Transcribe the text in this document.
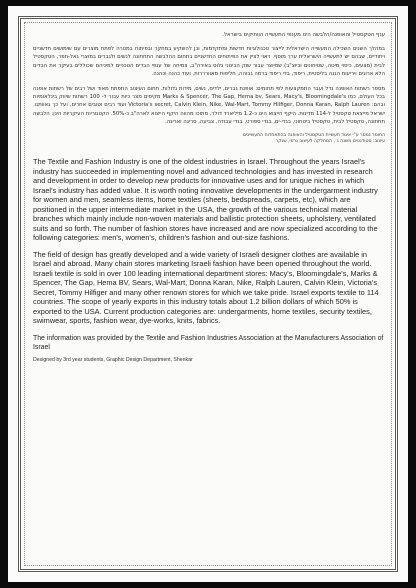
ענף הטקסטיל והאופנה/הלבשה הינו מענפי התעשייה הוותיקים בישראל.

במהלך השנים השכילה התעשייה הישראלית לייצור טכנולוגיות חדשות ומתקדמות, וכן להשקיע במחקר ובפיתוח במטרה לפתח מוצרים עם שימושים חדשניים ויחודיים, שבהם יש לתעשייה הישראלית ערך מוסף. ראוי לציין את הפיתוחים החדשניים בתחום ההלבשה התחתונה לנשים ולגברים במוצרי גאל-תפר, הטקסטיל לבית (מצעים, כיסוי מיטה, שטיחונים וכיוצ"ב) שמיוצר עבור שוק הבינוני גלוס באירה"ב, צמיחה של ענפי הבדים הטכניים למיניהם שכוללים בעיקר את הבדים הלא ארוגים ויריעות הגנה בליסטית, ריפוד, בדי ריפוד ברמה גבוהה, חליפות מאוורררות, ועוד כהנה וכהנה.

מספר רשתות האופנה גדל ועבר התמקצעות לפי תחומים: אופנת גברים, ילדים, נשים, מידות גדולות. תחום העיצוב התפתח מאוד ושל רבים של רשתות אופנה בכל העולם, כמו Marks & Spencer, The Gap, Hema bv, Sears, Macy's, Bloomingdale's מקיסים מצר כיות עבור ל- 100 רשתות שיווק בינלאומיות ובהם: Victoria's secret, Calvin Klein, Nike, Wal-Mart, Tommy Hilfiger, Donna Karan, Ralph Lauren ועוד רבים וטובים אחרים, ועל כך גאוותנו. ישראל מייצאת טקסטיל ל-114 מדינות. היקף הייצוא הינו כ-1.2 מיליארד דולר, מתוכו מהווה היקף הייצוא לארה"ב כ-50%. הקטגוריות העיקריות הינן: הלבשה תחתונה, טקסטיל לבית, טקסטיל ביטחוני, בגדי-ים, בגדי ספורט, בגדי עבודה, צביעה, סריגה ואריגה.

החומר נמסר ע"י איגוד תעשיית הטקסטיל והאופנה בהתאחדות התעשיינים

עיצוב: סטודנטים משנה ג׳, המחלקה לעיצוב גרפי, שנקר

The Textile and Fashion Industry is one of the oldest industries in Israel. Throughout the years Israel's industry has succeeded in implementing novel and advanced technologies and has invested in research and development in order to develop new products for innovative uses and for unique niches in which Israel's industry has added value. It is worth noting innovative developments in the undergarment industry for women and men, seamless items, home textiles (sheets, bedspreads, carpets, etc), which are positioned in the upper intermediate market in the USA, the growth of the various technical material branches which mainly include non-woven materials and ballistic protection sheets, upholstery, ventilated suits and so forth. The number of fashion stores have increased and are now specialized according to the following categories: men's, women's, children's fashion and out-size fashions.

The field of design has greatly developed and a wide variety of Israeli designer clothes are available in Israel and abroad. Many chain stores marketing Israeli fashion have been opened throughout the world. Israeli textile is sold in over 100 leading international department stores: Macy's, Bloomingdale's, Marks & Spencer, The Gap, Hema BV, Sears, Wal-Mart, Donna Karan, Nike, Ralph Lauren, Calvin Klein, Victoria's Secret, Tommy Hilfiger and many other renown stores for which we take pride. Israel exports textile to 114 countries. The scope of yearly exports in this industry totals about 1.2 billion dollars of which 50% is exported to the USA. Current production categories are: undergarments, home textiles, security textiles, swimwear, sports, fashion wear, dye-works, knits, fabrics.

The information was provided by the Textile and Fashion Industries Association at the Manufacturers Association of Israel

Designed by 3rd year students, Graphic Design Department, Shenkar
